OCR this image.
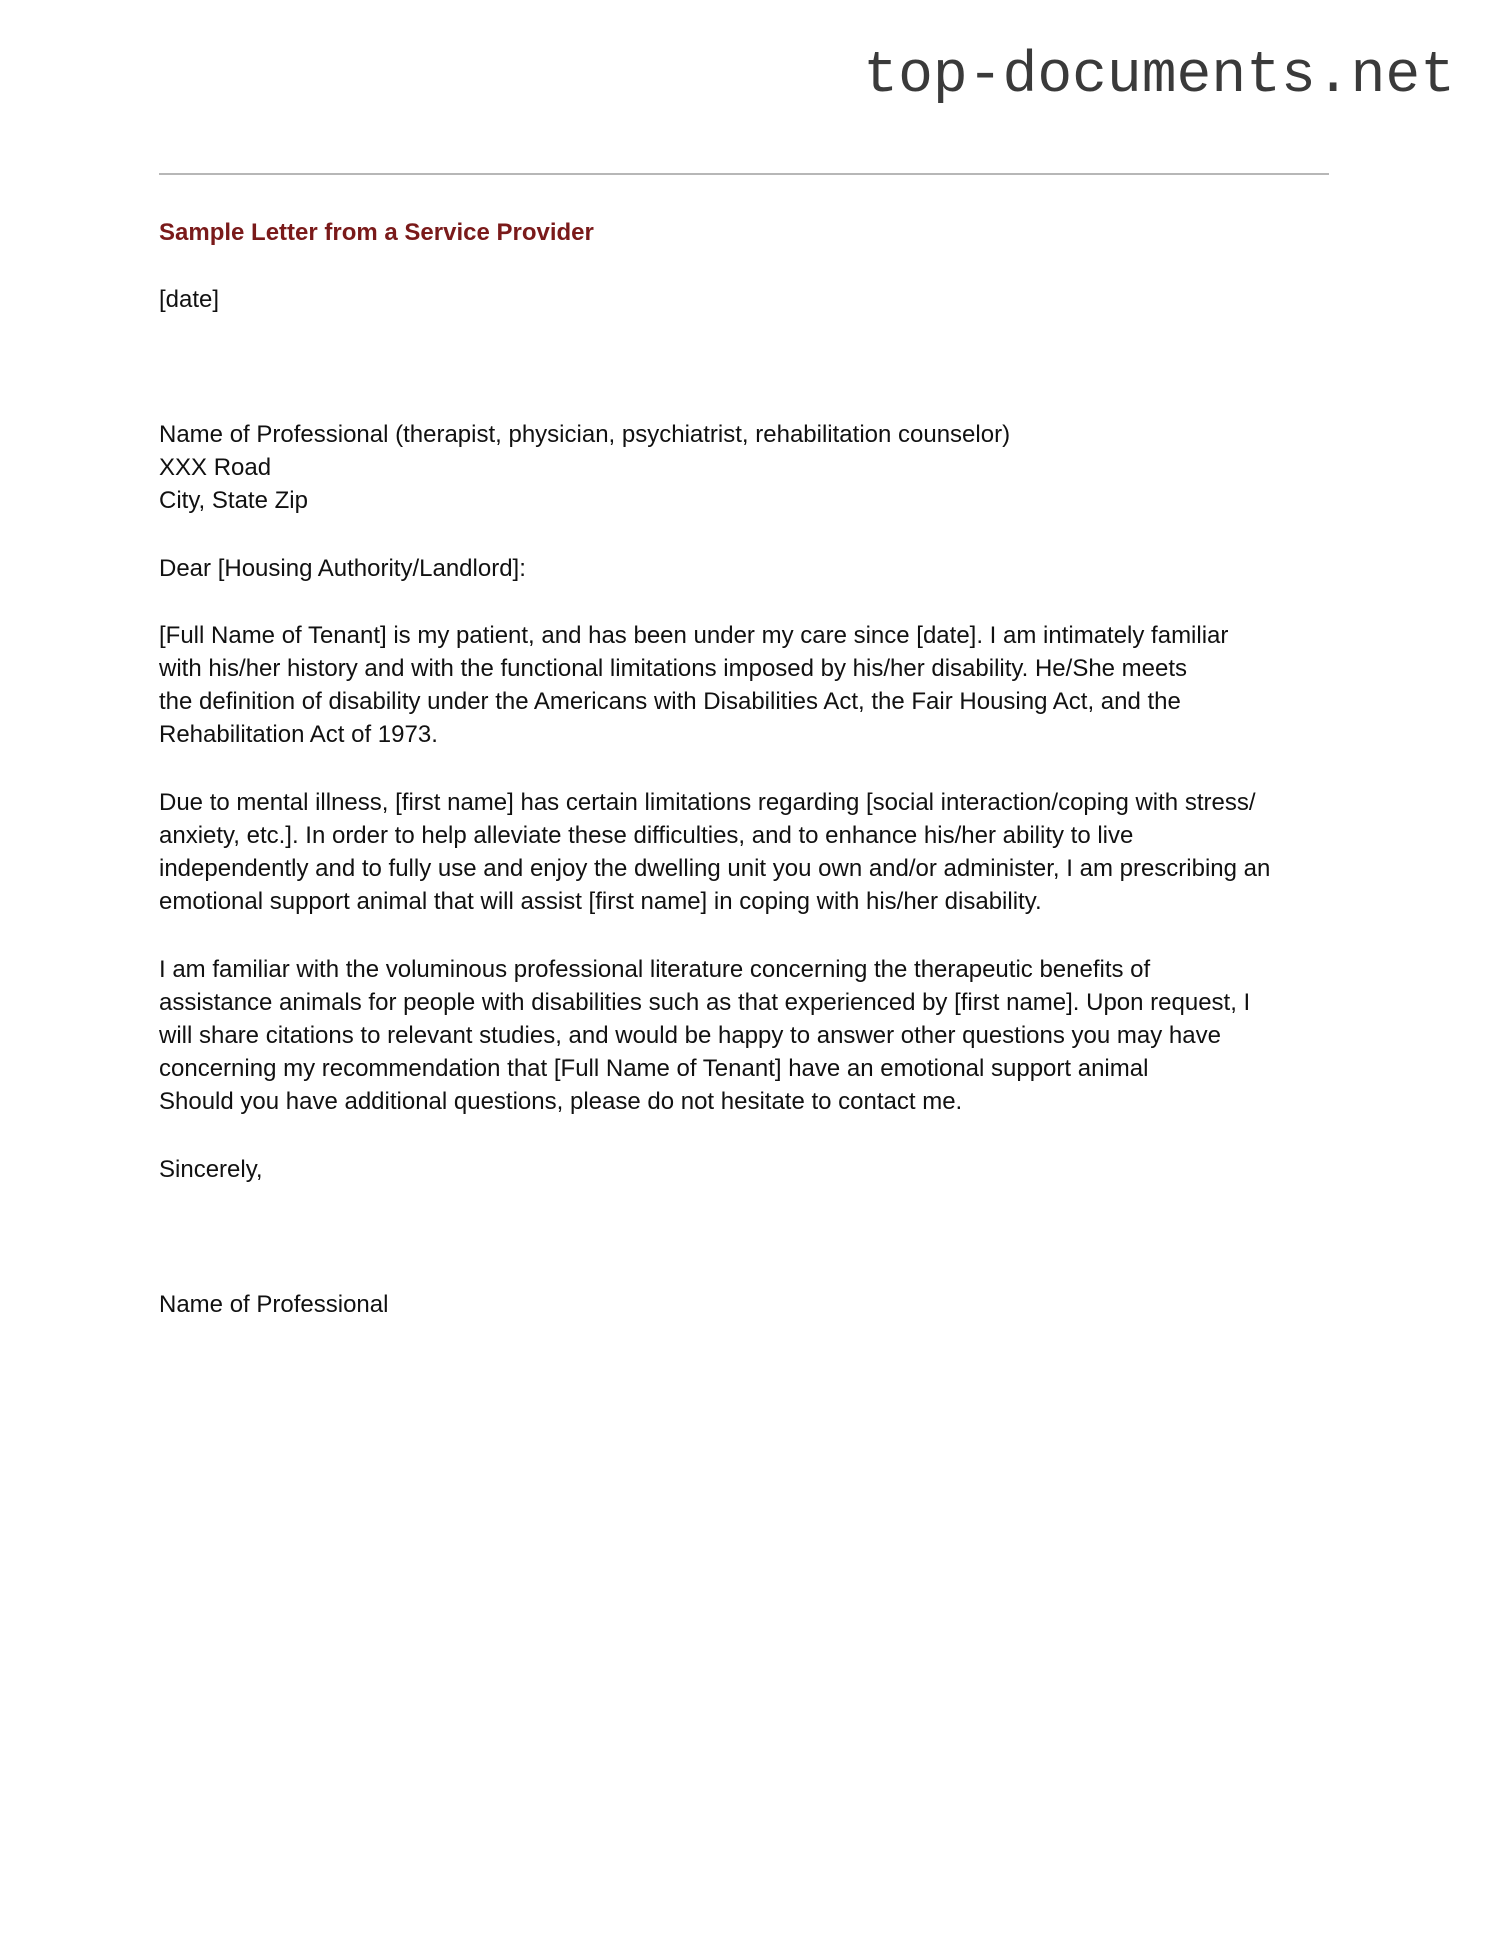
top-documents.net
Sample Letter from a Service Provider
[date]
Name of Professional (therapist, physician, psychiatrist, rehabilitation counselor)
XXX Road
City, State Zip
Dear [Housing Authority/Landlord]:
[Full Name of Tenant] is my patient, and has been under my care since [date]. I am intimately familiar
with his/her history and with the functional limitations imposed by his/her disability. He/She meets
the definition of disability under the Americans with Disabilities Act, the Fair Housing Act, and the
Rehabilitation Act of 1973.
Due to mental illness, [first name] has certain limitations regarding [social interaction/coping with stress/
anxiety, etc.]. In order to help alleviate these difficulties, and to enhance his/her ability to live
independently and to fully use and enjoy the dwelling unit you own and/or administer, I am prescribing an
emotional support animal that will assist [first name] in coping with his/her disability.
I am familiar with the voluminous professional literature concerning the therapeutic benefits of
assistance animals for people with disabilities such as that experienced by [first name]. Upon request, I
will share citations to relevant studies, and would be happy to answer other questions you may have
concerning my recommendation that [Full Name of Tenant] have an emotional support animal
Should you have additional questions, please do not hesitate to contact me.
Sincerely,
Name of Professional
